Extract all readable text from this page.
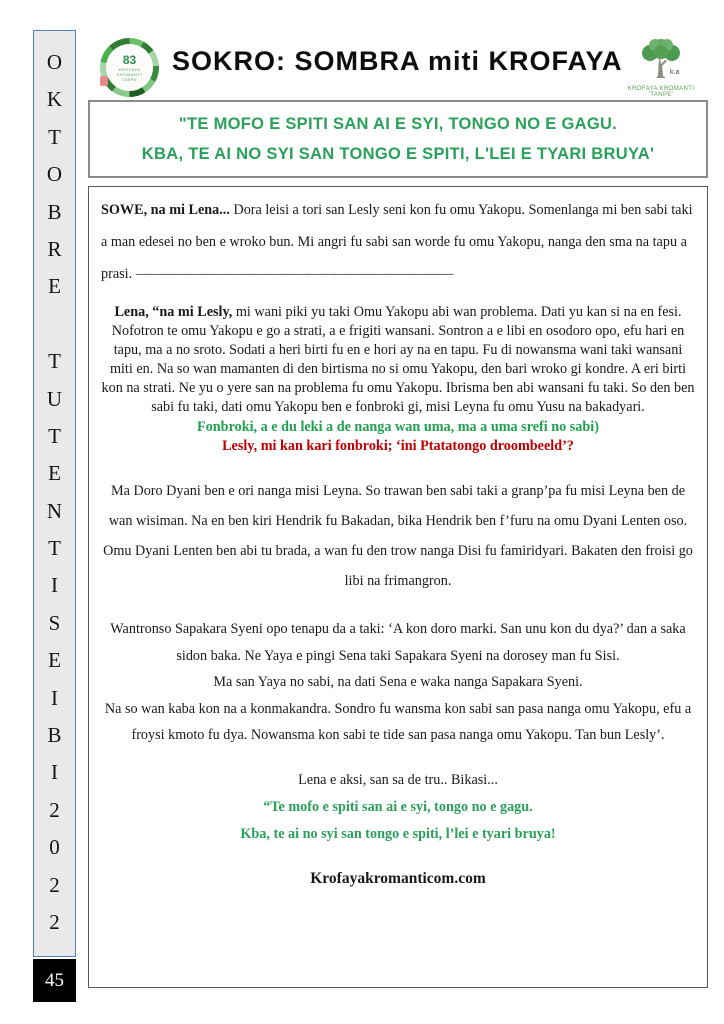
O
K
T
O
B
R
E
T
U
T
E
N
T
I
S
E
I
B
I
2
0
2
2
45
83
KROFAYA KROMANTI
TANPE
SOKRO: SOMBRA miti KROFAYA	k.a
KROFAYA KROMANTI 'TANPE'
"TE MOFO E SPITI SAN AI E SYI, TONGO NO E GAGU.
KBA, TE AI NO SYI SAN TONGO E SPITI, L'LEI E TYARI BRUYA'

SOWE, na mi Lena... Dora leisi a tori san Lesly seni kon fu omu Yakopu. Somenlanga mi ben sabi taki a man edesei no ben e wroko bun. Mi angri fu sabi san worde fu omu Yakopu, nanga den sma na tapu a prasi. ————————————————————————

Lena, “na mi Lesly, mi wani piki yu taki Omu Yakopu abi wan problema. Dati yu kan si na en fesi. Nofotron te omu Yakopu e go a strati, a e frigiti wansani. Sontron a e libi en osodoro opo, efu hari en tapu, ma a no sroto. Sodati a heri birti fu en e hori ay na en tapu. Fu di nowansma wani taki wansani miti en. Na so wan mamanten di den birtisma no si omu Yakopu, den bari wroko gi kondre. A eri birti kon na strati. Ne yu o yere san na problema fu omu Yakopu. Ibrisma ben abi wansani fu taki. So den ben sabi fu taki, dati omu Yakopu ben e fonbroki gi, misi Leyna fu omu Yusu na bakadyari.

Fonbroki, a e du leki a de nanga wan uma, ma a uma srefi no sabi)
Lesly, mi kan kari fonbroki; ‘ini Ptatatongo droombeeld’?

Ma Doro Dyani ben e ori nanga misi Leyna. So trawan ben sabi taki a granp’pa fu misi Leyna ben de wan wisiman. Na en ben kiri Hendrik fu Bakadan, bika Hendrik ben f’furu na omu Dyani Lenten oso. Omu Dyani Lenten ben abi tu brada, a wan fu den trow nanga Disi fu famiridyari. Bakaten den froisi go libi na frimangron.

Wantronso Sapakara Syeni opo tenapu da a taki: ‘A kon doro marki. San unu kon du dya?’ dan a saka sidon baka. Ne Yaya e pingi Sena taki Sapakara Syeni na dorosey man fu Sisi.
Ma san Yaya no sabi, na dati Sena e waka nanga Sapakara Syeni.
Na so wan kaba kon na a konmakandra. Sondro fu wansma kon sabi san pasa nanga omu Yakopu, efu a froysi kmoto fu dya. Nowansma kon sabi te tide san pasa nanga omu Yakopu. Tan bun Lesly’.

Lena e aksi, san sa de tru.. Bikasi...

“Te mofo e spiti san ai e syi, tongo no e gagu.
Kba, te ai no syi san tongo e spiti, l’lei e tyari bruya!
Krofayakromanticom.com
